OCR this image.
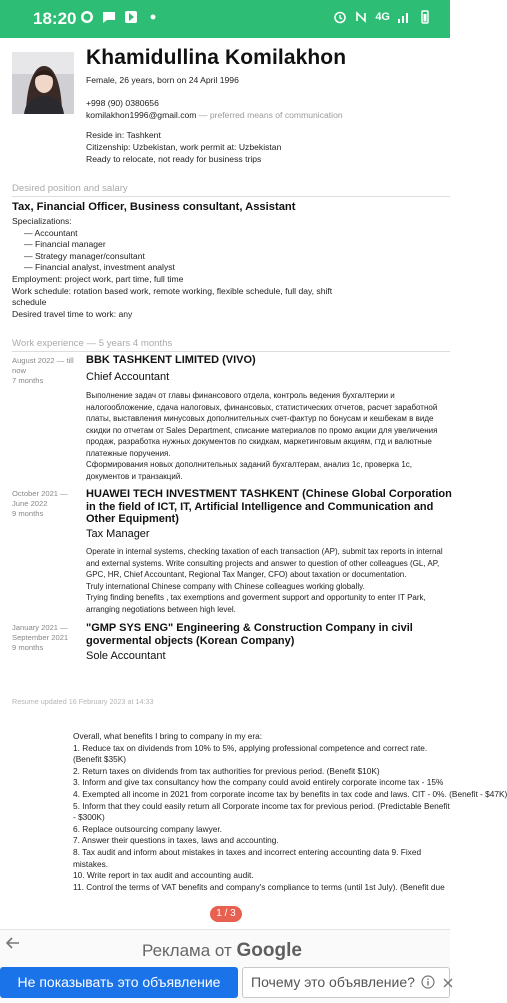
18:20	4G
Khamidullina Komilakhon
Female, 26 years, born on 24 April 1996
+998 (90) 0380656
komilakhon1996@gmail.com — preferred means of communication
Reside in: Tashkent
Citizenship: Uzbekistan, work permit at: Uzbekistan
Ready to relocate, not ready for business trips
Desired position and salary
Tax, Financial Officer, Business consultant, Assistant
Specializations:
— Accountant
— Financial manager
— Strategy manager/consultant
— Financial analyst, investment analyst
Employment: project work, part time, full time
Work schedule: rotation based work, remote working, flexible schedule, full day, shift schedule
Desired travel time to work: any
Work experience — 5 years 4 months
August 2022 — till now
7 months
BBK TASHKENT LIMITED (VIVO)
Chief Accountant
Выполнение задач от главы финансового отдела, контроль ведения бухгалтерии и налогообложение, сдача налоговых, финансовых, статистических отчетов, расчет заработной платы, выставления минусовых дополнительных счет-фактур по бонусам и кешбекам в виде скидки по отчетам от Sales Department, списание материалов по промо акции для увеличения продаж, разработка нужных документов по скидкам, маркетинговым акциям, гтд и валютные платежные поручения.
Сформирования новых дополнительных заданий бухгалтерам, анализ 1с, проверка 1с, документов и транзакций.
October 2021 — June 2022
9 months
HUAWEI TECH INVESTMENT TASHKENT (Chinese Global Corporation in the field of ICT, IT, Artificial Intelligence and Communication and Other Equipment)
Tax Manager
Operate in internal systems, checking taxation of each transaction (AP), submit tax reports in internal and external systems. Write consulting projects and answer to question of other colleagues (GL, AP, GPC, HR, Chief Accountant, Regional Tax Manger, CFO) about taxation or documentation.
Truly international Chinese company with Chinese colleagues working globally.
Trying finding benefits , tax exemptions and goverment support and opportunity to enter IT Park, arranging negotiations between high level.
January 2021 — September 2021
9 months
"GMP SYS ENG" Engineering & Construction Company in civil govermental objects (Korean Company)
Sole Accountant
Resume updated 16 February 2023 at 14:33
Overall, what benefits I bring to company in my era⁣:
1. Reduce tax on dividends from 10% to 5%, applying professional competence and correct rate. (Benefit $35K)
2. Return taxes on dividends from tax authorities for previous period. (Benefit $10K)
3. Inform and give tax consultancy how the company could avoid entirely corporate income tax - 15%
4. Exempted all income in 2021 from corporate income tax by benefits in tax code and laws. CIT - 0%. (Benefit - $47K)
5. Inform that they could easily return all Corporate income tax for previous period. (Predictable Benefit - $300K)
6. Replace outsourcing company lawyer.
7. Answer their questions in taxes, laws and accounting.
8. Tax audit and inform about mistakes in taxes and incorrect entering accounting data 9. Fixed mistakes.
10. Write report in tax audit and accounting audit.
11. Control the terms of VAT benefits and company's compliance to terms (until 1st July). (Benefit due
1 / 3
Реклама от Google
Не показывать это объявление	Почему это объявление?
